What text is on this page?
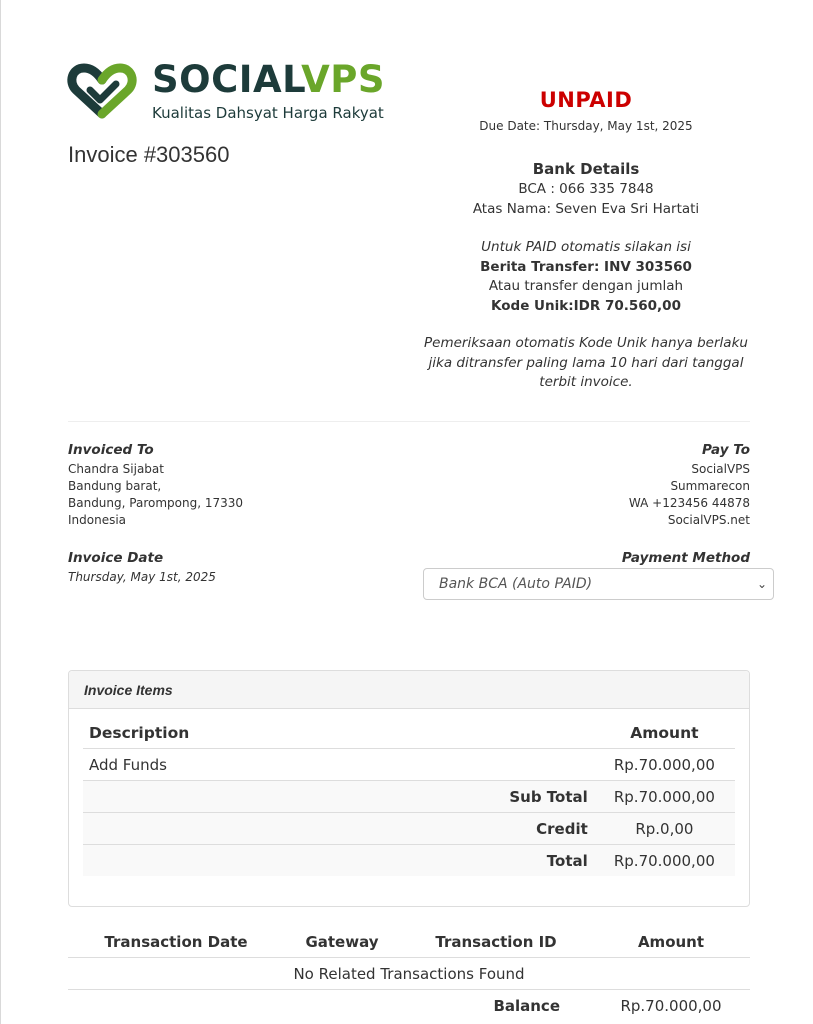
SOCIALVPS
Kualitas Dahsyat Harga Rakyat
Invoice #303560
UNPAID
Due Date: Thursday, May 1st, 2025
Bank Details
BCA : 066 335 7848
Atas Nama: Seven Eva Sri Hartati
Untuk PAID otomatis silakan isi
Berita Transfer: INV 303560
Atau transfer dengan jumlah
Kode Unik:IDR 70.560,00
Pemeriksaan otomatis Kode Unik hanya berlaku
jika ditransfer paling lama 10 hari dari tanggal
terbit invoice.
Invoiced To
Chandra Sijabat
Bandung barat,
Bandung, Parompong, 17330
Indonesia
Pay To
SocialVPS
Summarecon
WA +123456 44878
SocialVPS.net
Invoice Date
Thursday, May 1st, 2025
Payment Method
Bank BCA (Auto PAID)	⌄
Invoice Items
Description	Amount
Add Funds	Rp.70.000,00
Sub Total	Rp.70.000,00
Credit	Rp.0,00
Total	Rp.70.000,00
Transaction Date	Gateway	Transaction ID	Amount
No Related Transactions Found			
Balance			Rp.70.000,00
